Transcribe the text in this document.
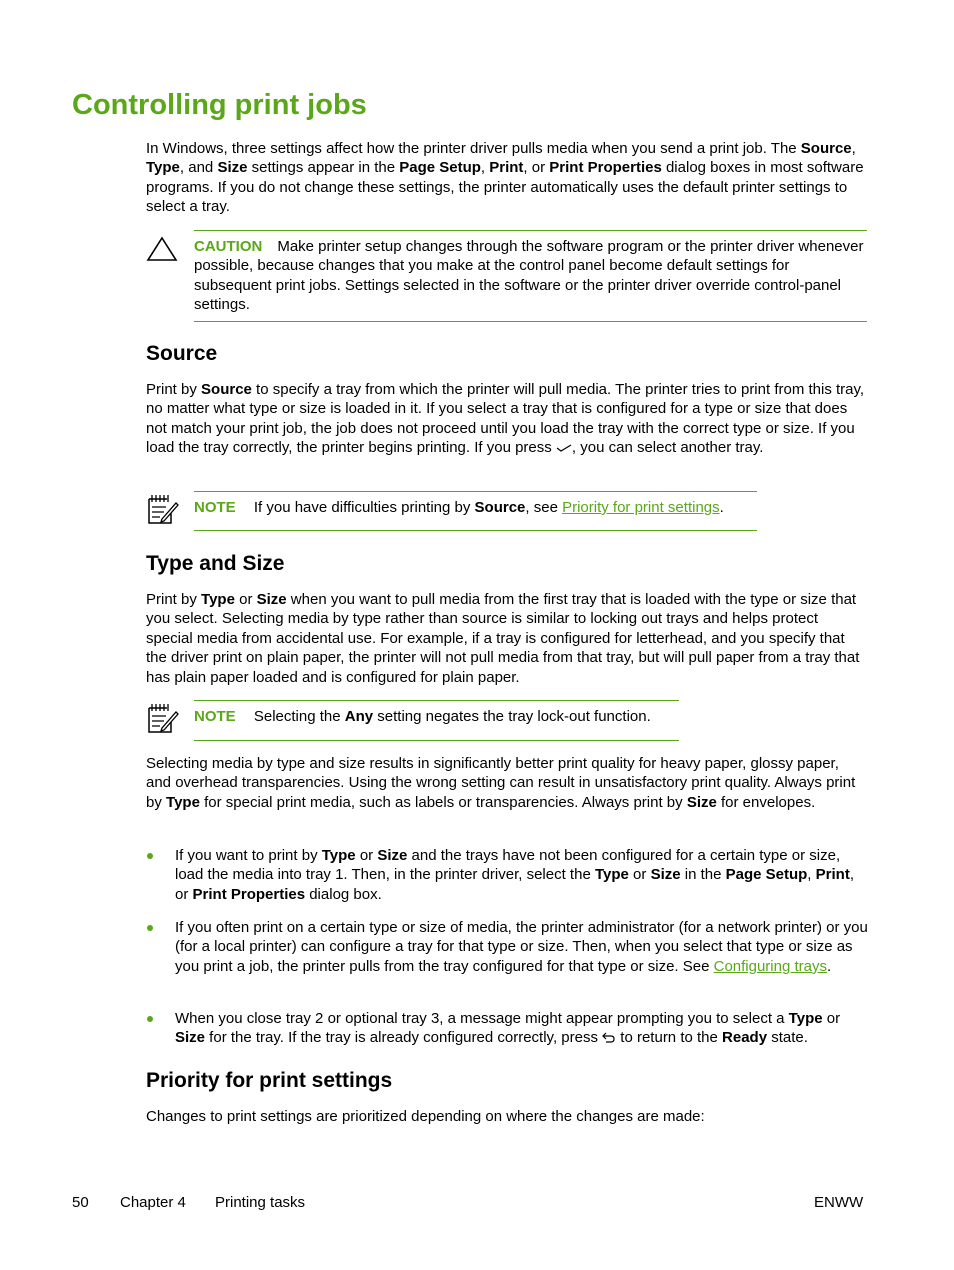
Controlling print jobs

In Windows, three settings affect how the printer driver pulls media when you send a print job. The Source, Type, and Size settings appear in the Page Setup, Print, or Print Properties dialog boxes in most software programs. If you do not change these settings, the printer automatically uses the default printer settings to select a tray.

CAUTION Make printer setup changes through the software program or the printer driver whenever possible, because changes that you make at the control panel become default settings for subsequent print jobs. Settings selected in the software or the printer driver override control-panel settings.

Source

Print by Source to specify a tray from which the printer will pull media. The printer tries to print from this tray, no matter what type or size is loaded in it. If you select a tray that is configured for a type or size that does not match your print job, the job does not proceed until you load the tray with the correct type or size. If you load the tray correctly, the printer begins printing. If you press , you can select another tray.

NOTE If you have difficulties printing by Source, see Priority for print settings.

Type and Size

Print by Type or Size when you want to pull media from the first tray that is loaded with the type or size that you select. Selecting media by type rather than source is similar to locking out trays and helps protect special media from accidental use. For example, if a tray is configured for letterhead, and you specify that the driver print on plain paper, the printer will not pull media from that tray, but will pull paper from a tray that has plain paper loaded and is configured for plain paper.

NOTE Selecting the Any setting negates the tray lock-out function.

Selecting media by type and size results in significantly better print quality for heavy paper, glossy paper, and overhead transparencies. Using the wrong setting can result in unsatisfactory print quality. Always print by Type for special print media, such as labels or transparencies. Always print by Size for envelopes.

If you want to print by Type or Size and the trays have not been configured for a certain type or size, load the media into tray 1. Then, in the printer driver, select the Type or Size in the Page Setup, Print, or Print Properties dialog box.

If you often print on a certain type or size of media, the printer administrator (for a network printer) or you (for a local printer) can configure a tray for that type or size. Then, when you select that type or size as you print a job, the printer pulls from the tray configured for that type or size. See Configuring trays.

When you close tray 2 or optional tray 3, a message might appear prompting you to select a Type or Size for the tray. If the tray is already configured correctly, press  to return to the Ready state.

Priority for print settings

Changes to print settings are prioritized depending on where the changes are made:

50 Chapter 4 Printing tasks	ENWW
